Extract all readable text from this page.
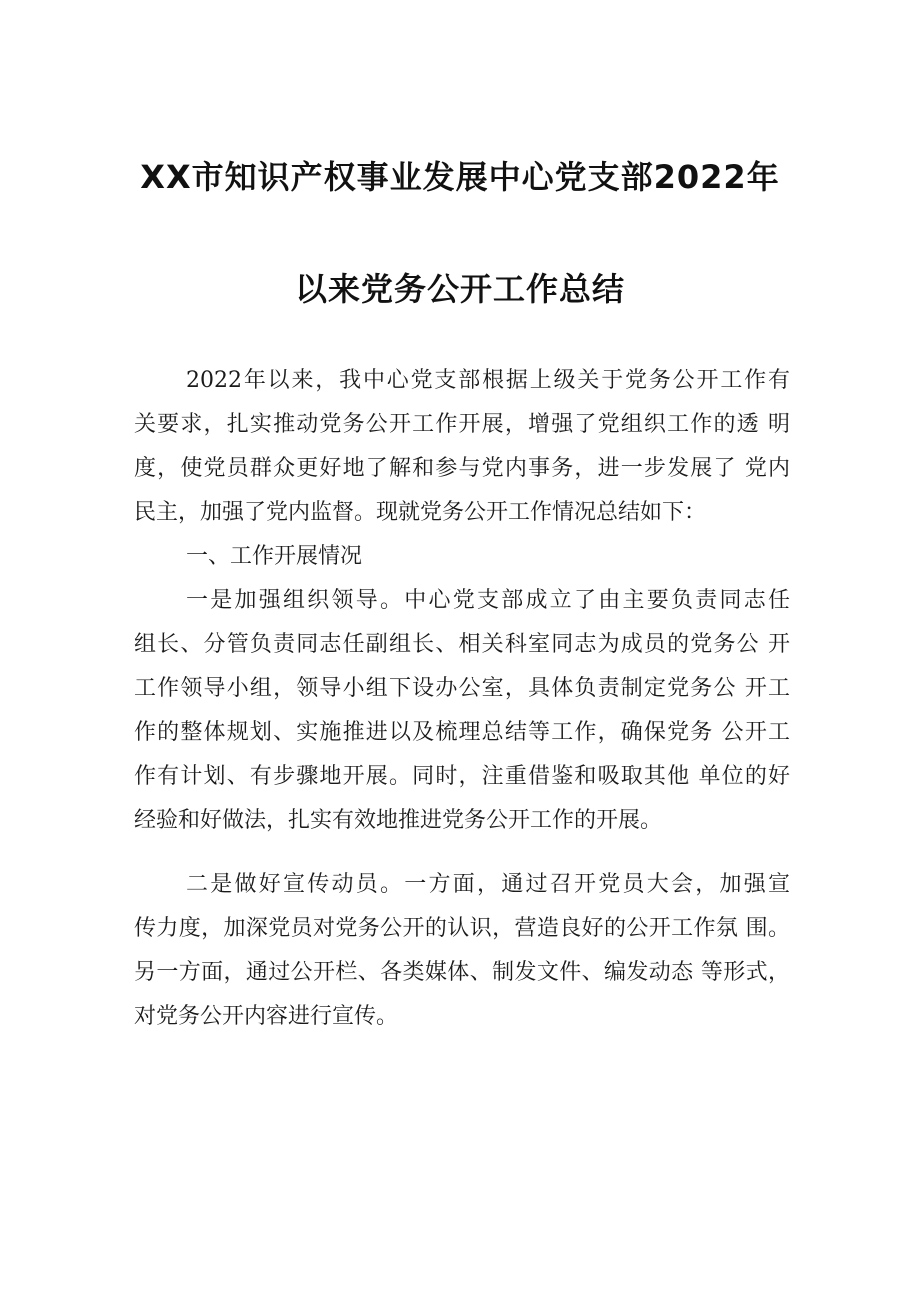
XX市知识产权事业发展中心党支部2022年
以来党务公开工作总结
2022年以来，我中心党支部根据上级关于党务公开工作有
关要求，扎实推动党务公开工作开展，增强了党组织工作的透 明
度，使党员群众更好地了解和参与党内事务，进一步发展了 党内
民主，加强了党内监督。现就党务公开工作情况总结如下：
一、工作开展情况
一是加强组织领导。中心党支部成立了由主要负责同志任
组长、分管负责同志任副组长、相关科室同志为成员的党务公 开
工作领导小组，领导小组下设办公室，具体负责制定党务公 开工
作的整体规划、实施推进以及梳理总结等工作，确保党务 公开工
作有计划、有步骤地开展。同时，注重借鉴和吸取其他 单位的好
经验和好做法，扎实有效地推进党务公开工作的开展。
二是做好宣传动员。一方面，通过召开党员大会，加强宣
传力度，加深党员对党务公开的认识，营造良好的公开工作氛 围。
另一方面，通过公开栏、各类媒体、制发文件、编发动态 等形式，
对党务公开内容进行宣传。
